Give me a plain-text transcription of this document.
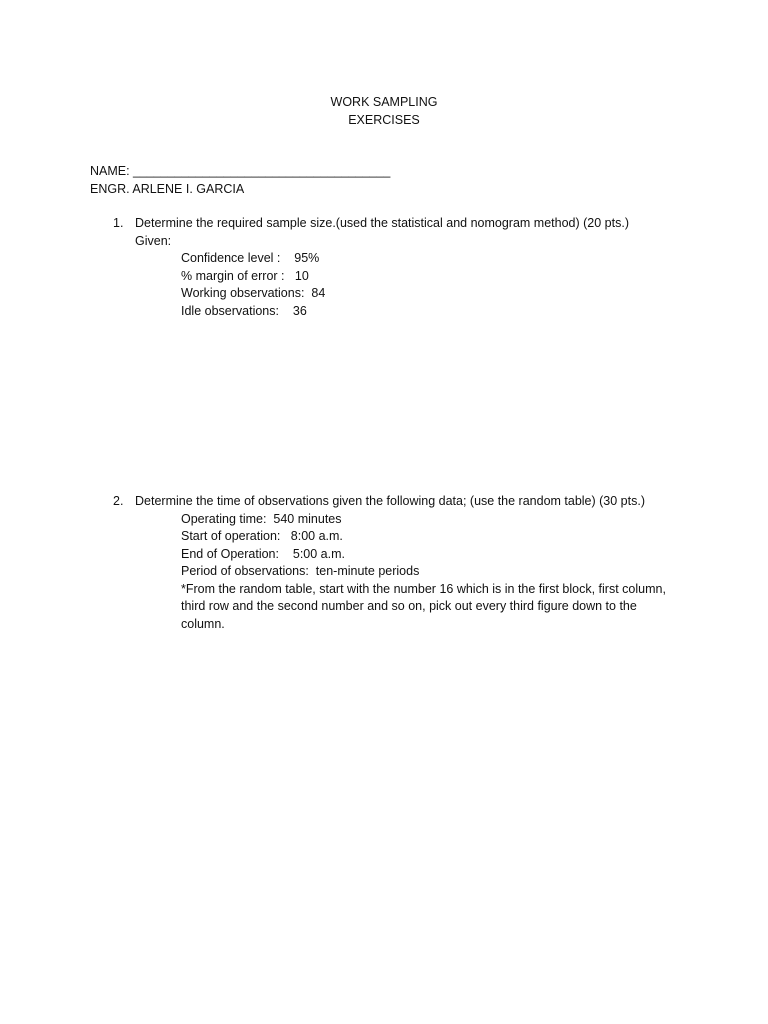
WORK SAMPLING
EXERCISES
NAME: _____________________________________
ENGR. ARLENE I. GARCIA
1. Determine the required sample size.(used the statistical and nomogram method) (20 pts.)
Given:
Confidence level :    95%
% margin of error :   10
Working observations:  84
Idle observations:    36
2. Determine the time of observations given the following data; (use the random table) (30 pts.)
Operating time:  540 minutes
Start of operation:   8:00 a.m.
End of Operation:    5:00 a.m.
Period of observations:  ten-minute periods
*From the random table, start with the number 16 which is in the first block, first column, third row and the second number and so on, pick out every third figure down to the column.
